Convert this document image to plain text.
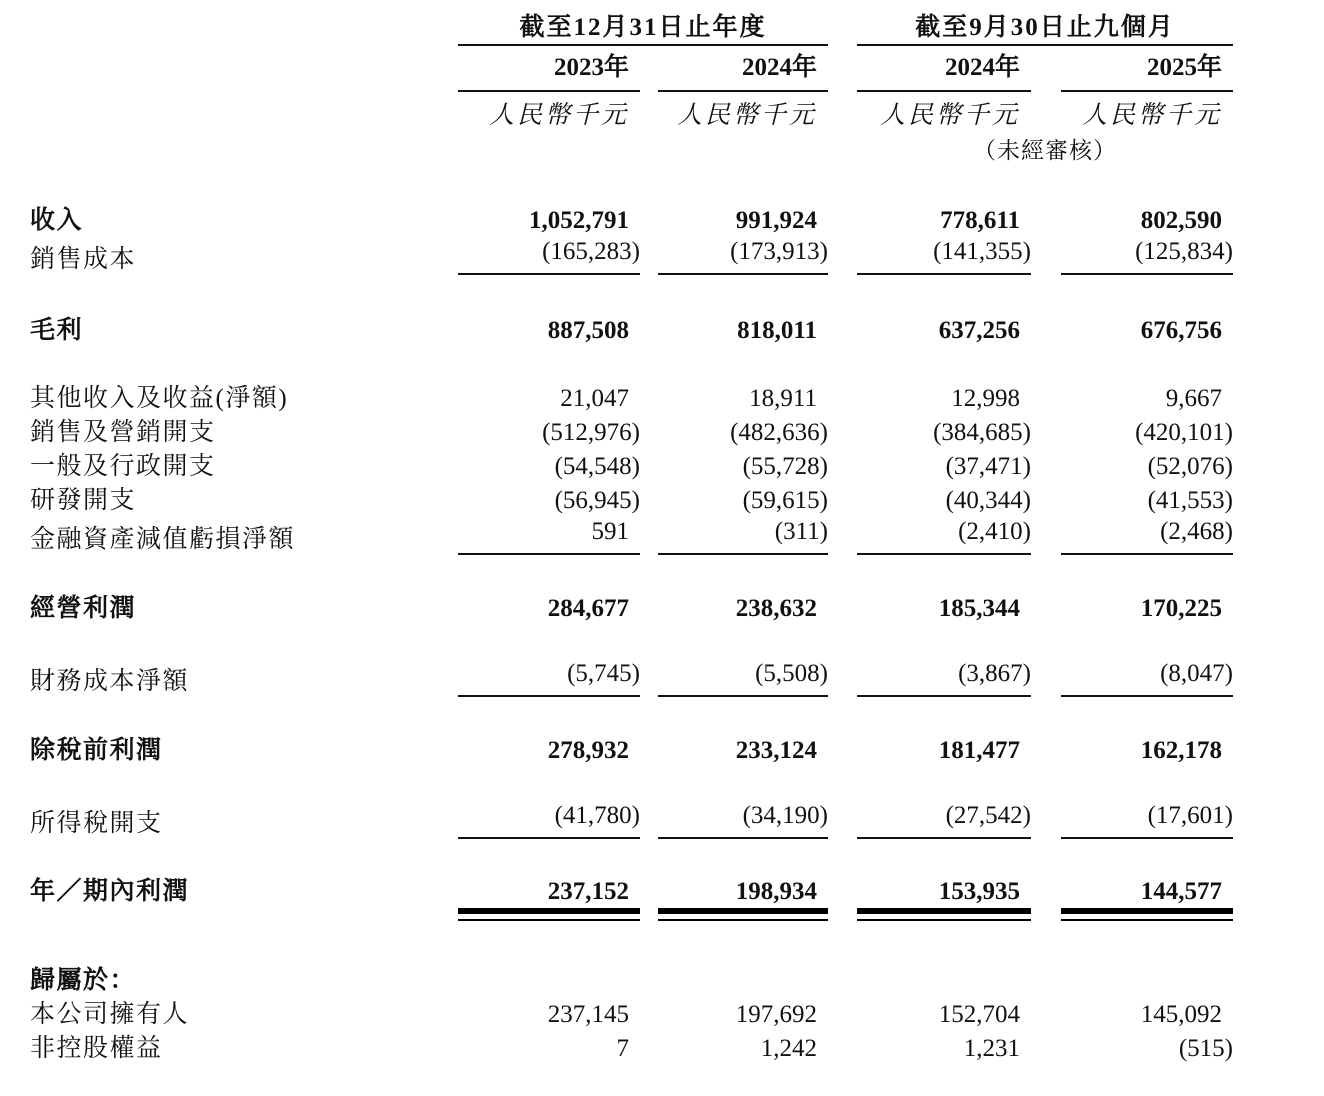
截至12月31日止年度	截至9月30日止九個月
2023年	2024年	2024年	2025年
人民幣千元	人民幣千元	人民幣千元	人民幣千元
（未經審核）
收入	1,052,791	991,924	778,611	802,590
銷售成本	(165,283)	(173,913)	(141,355)	(125,834)
毛利	887,508	818,011	637,256	676,756
其他收入及收益(淨額)	21,047	18,911	12,998	9,667
銷售及營銷開支	(512,976)	(482,636)	(384,685)	(420,101)
一般及行政開支	(54,548)	(55,728)	(37,471)	(52,076)
研發開支	(56,945)	(59,615)	(40,344)	(41,553)
金融資產減值虧損淨額	591	(311)	(2,410)	(2,468)
經營利潤	284,677	238,632	185,344	170,225
財務成本淨額	(5,745)	(5,508)	(3,867)	(8,047)
除稅前利潤	278,932	233,124	181,477	162,178
所得稅開支	(41,780)	(34,190)	(27,542)	(17,601)
年／期內利潤	237,152	198,934	153,935	144,577
歸屬於：
本公司擁有人	237,145	197,692	152,704	145,092
非控股權益	7	1,242	1,231	(515)
